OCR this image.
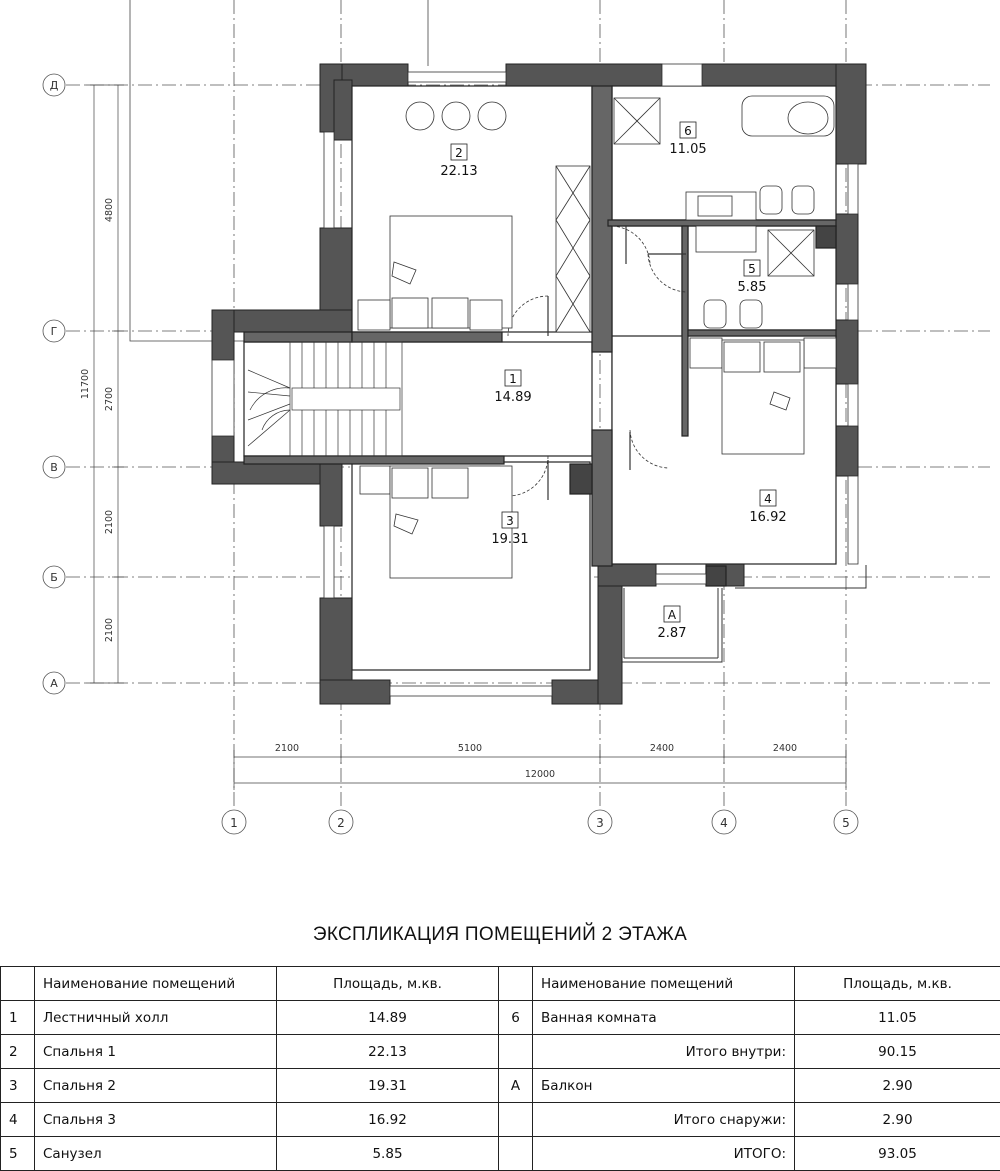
11700
4800
2700
2100
2100
2100	5100	2400	2400
12000
Д
Г
В
Б
А
1	2	3	4	5
1
14.89
2
22.13
3
19.31
4
16.92
5
5.85
6
11.05
А
2.87
ЭКСПЛИКАЦИЯ ПОМЕЩЕНИЙ 2 ЭТАЖА
	Наименование помещений	Площадь, м.кв.		Наименование помещений	Площадь, м.кв.
1	Лестничный холл	14.89	6	Ванная комната	11.05
2	Спальня 1	22.13		Итого внутри:	90.15
3	Спальня 2	19.31	А	Балкон	2.90
4	Спальня 3	16.92		Итого снаружи:	2.90
5	Санузел	5.85		ИТОГО:	93.05
